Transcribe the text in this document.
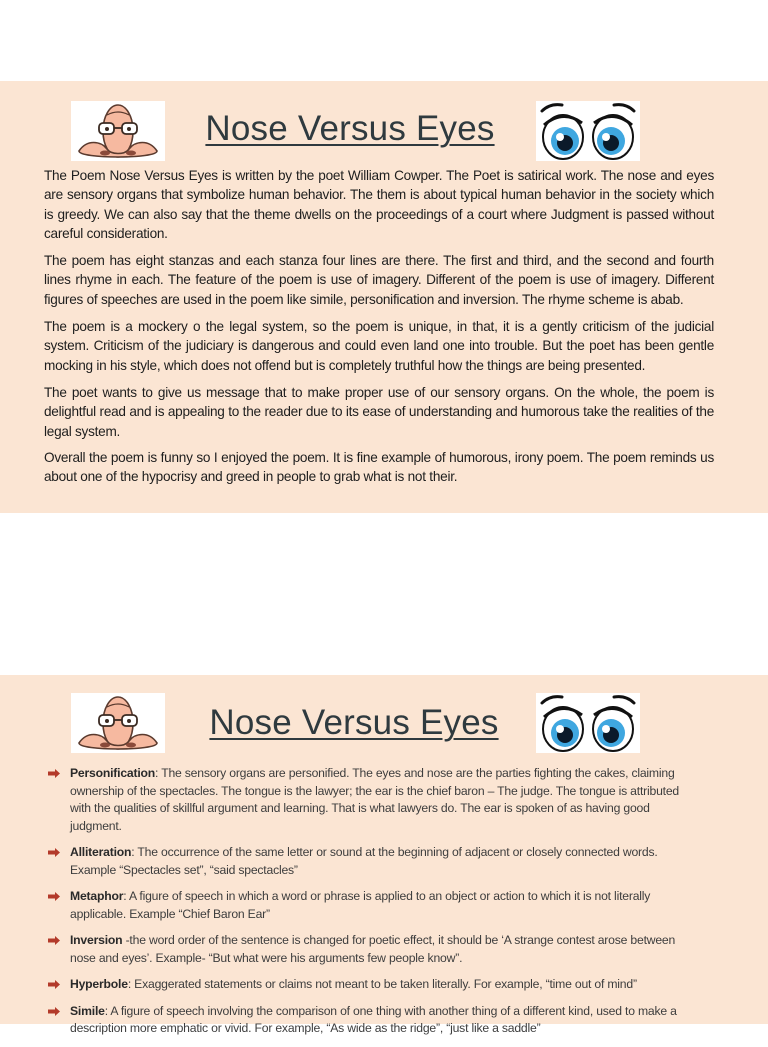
Nose Versus Eyes

The Poem Nose Versus Eyes is written by the poet William Cowper. The Poet is satirical work. The nose and eyes are sensory organs that symbolize human behavior. The them is about typical human behavior in the society which is greedy. We can also say that the theme dwells on the proceedings of a court where Judgment is passed without careful consideration.

The poem has eight stanzas and each stanza four lines are there. The first and third, and the second and fourth lines rhyme in each. The feature of the poem is use of imagery. Different of the poem is use of imagery. Different figures of speeches are used in the poem like simile, personification and inversion. The rhyme scheme is abab.

The poem is a mockery o the legal system, so the poem is unique, in that, it is a gently criticism of the judicial system. Criticism of the judiciary is dangerous and could even land one into trouble. But the poet has been gentle mocking in his style, which does not offend but is completely truthful how the things are being presented.

The poet wants to give us message that to make proper use of our sensory organs. On the whole, the poem is delightful read and is appealing to the reader due to its ease of understanding and humorous take the realities of the legal system.

Overall the poem is funny so I enjoyed the poem. It is fine example of humorous, irony poem. The poem reminds us about one of the hypocrisy and greed in people to grab what is not their.

Nose Versus Eyes
Personification: The sensory organs are personified. The eyes and nose are the parties fighting the cakes, claiming ownership of the spectacles. The tongue is the lawyer; the ear is the chief baron – The judge. The tongue is attributed with the qualities of skillful argument and learning. That is what lawyers do. The ear is spoken of as having good judgment.
Alliteration: The occurrence of the same letter or sound at the beginning of adjacent or closely connected words. Example “Spectacles set”, “said spectacles”
Metaphor: A figure of speech in which a word or phrase is applied to an object or action to which it is not literally applicable. Example “Chief Baron Ear”
Inversion -the word order of the sentence is changed for poetic effect, it should be ‘A strange contest arose between nose and eyes’. Example- “But what were his arguments few people know”.
Hyperbole: Exaggerated statements or claims not meant to be taken literally. For example, “time out of mind”
Simile: A figure of speech involving the comparison of one thing with another thing of a different kind, used to make a description more emphatic or vivid. For example, “As wide as the ridge”, “just like a saddle”
